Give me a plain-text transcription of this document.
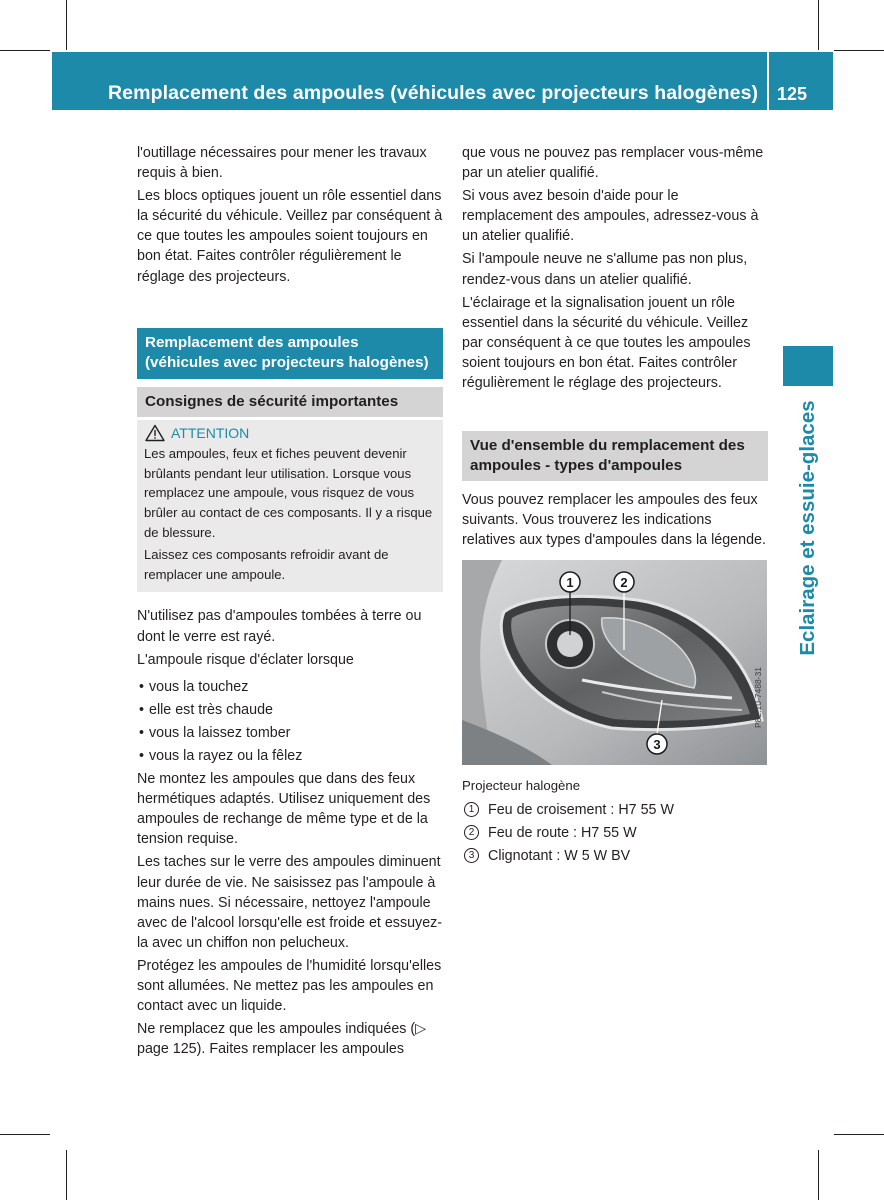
Remplacement des ampoules (véhicules avec projecteurs halogènes) 125

l'outillage nécessaires pour mener les travaux requis à bien.

Les blocs optiques jouent un rôle essentiel dans la sécurité du véhicule. Veillez par conséquent à ce que toutes les ampoules soient toujours en bon état. Faites contrôler régulièrement le réglage des projecteurs.

Remplacement des ampoules (véhicules avec projecteurs halogènes)
Consignes de sécurité importantes
ATTENTION

Les ampoules, feux et fiches peuvent devenir brûlants pendant leur utilisation. Lorsque vous remplacez une ampoule, vous risquez de vous brûler au contact de ces composants. Il y a risque de blessure.

Laissez ces composants refroidir avant de remplacer une ampoule.

N'utilisez pas d'ampoules tombées à terre ou dont le verre est rayé.

L'ampoule risque d'éclater lorsque

• vous la touchez
• elle est très chaude
• vous la laissez tomber
• vous la rayez ou la fêlez

Ne montez les ampoules que dans des feux hermétiques adaptés. Utilisez uniquement des ampoules de rechange de même type et de la tension requise.

Les taches sur le verre des ampoules diminuent leur durée de vie. Ne saisissez pas l'ampoule à mains nues. Si nécessaire, nettoyez l'ampoule avec de l'alcool lorsqu'elle est froide et essuyez-la avec un chiffon non pelucheux.

Protégez les ampoules de l'humidité lorsqu'elles sont allumées. Ne mettez pas les ampoules en contact avec un liquide.

Ne remplacez que les ampoules indiquées (▷ page 125). Faites remplacer les ampoules

que vous ne pouvez pas remplacer vous-même par un atelier qualifié.

Si vous avez besoin d'aide pour le remplacement des ampoules, adressez-vous à un atelier qualifié.

Si l'ampoule neuve ne s'allume pas non plus, rendez-vous dans un atelier qualifié.

L'éclairage et la signalisation jouent un rôle essentiel dans la sécurité du véhicule. Veillez par conséquent à ce que toutes les ampoules soient toujours en bon état. Faites contrôler régulièrement le réglage des projecteurs.

Vue d'ensemble du remplacement des ampoules - types d'ampoules

Vous pouvez remplacer les ampoules des feux suivants. Vous trouverez les indications relatives aux types d'ampoules dans la légende.

1	2
3
P82.10-7488-31
Projecteur halogène
1 Feu de croisement : H7 55 W
2 Feu de route : H7 55 W
3 Clignotant : W 5 W BV
Eclairage et essuie-glaces
